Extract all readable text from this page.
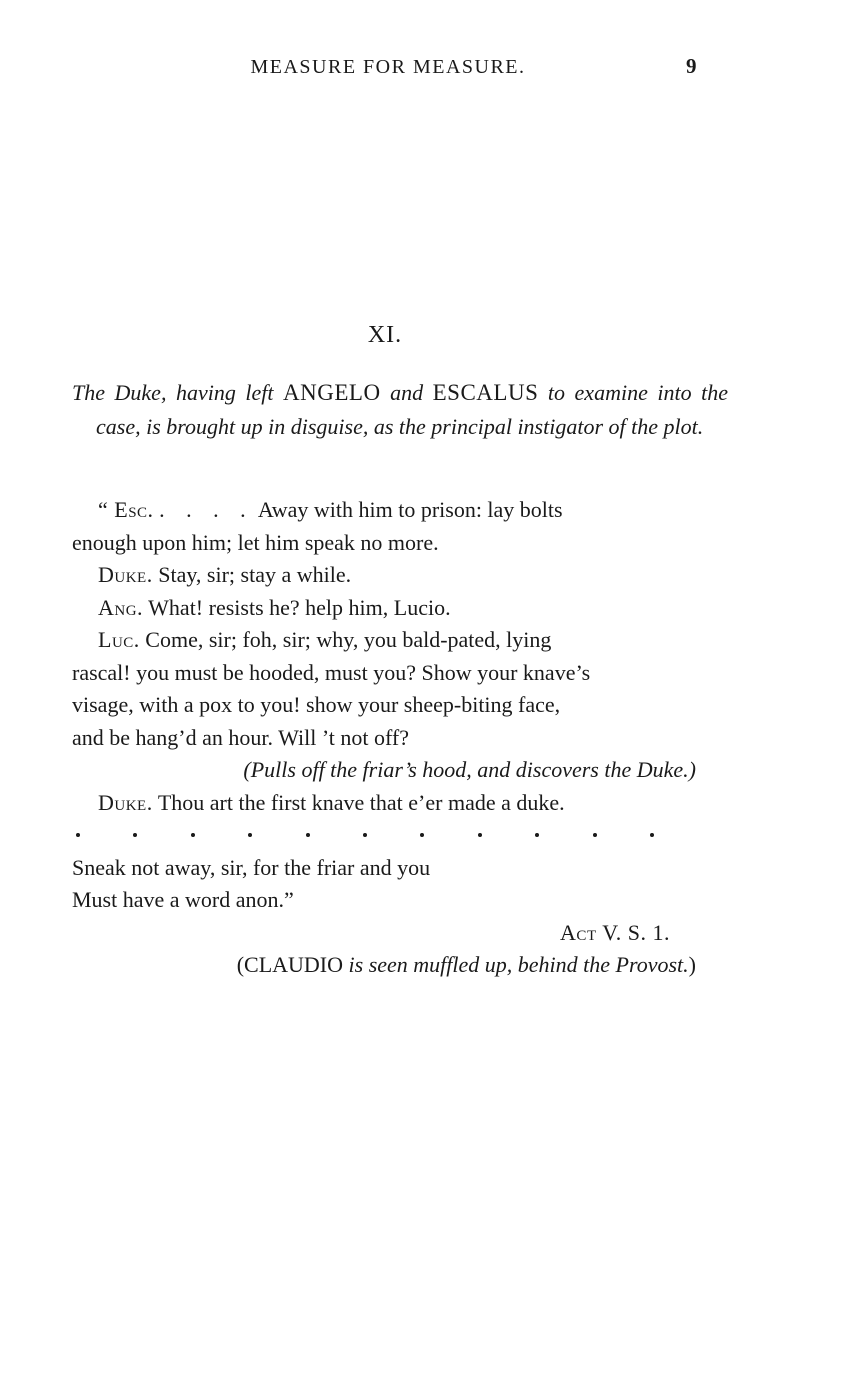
MEASURE FOR MEASURE.	9
XI.
The Duke, having left ANGELO and ESCALUS to examine into the case, is brought up in disguise, as the principal instigator of the plot.
“ Esc. . . . . Away with him to prison: lay bolts
enough upon him; let him speak no more.
Duke. Stay, sir; stay a while.
Ang. What! resists he? help him, Lucio.
Luc. Come, sir; foh, sir; why, you bald-pated, lying
rascal! you must be hooded, must you? Show your knave’s
visage, with a pox to you! show your sheep-biting face,
and be hang’d an hour. Will ’t not off?
(Pulls off the friar’s hood, and discovers the Duke.)
Duke. Thou art the first knave that e’er made a duke.
Sneak not away, sir, for the friar and you
Must have a word anon.”
Act V. S. 1.
(CLAUDIO is seen muffled up, behind the Provost.)
